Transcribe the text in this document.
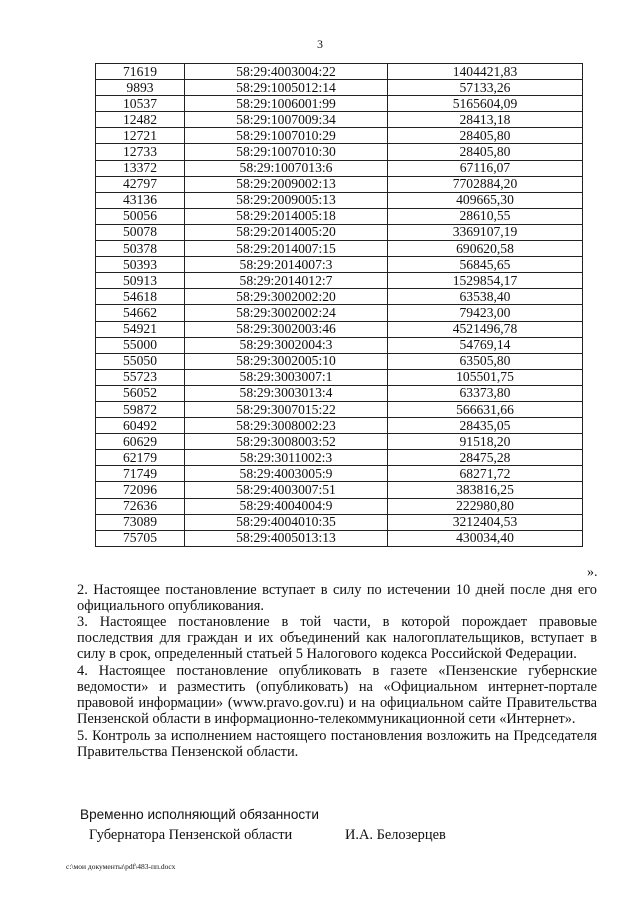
3
71619	58:29:4003004:22	1404421,83
9893	58:29:1005012:14	57133,26
10537	58:29:1006001:99	5165604,09
12482	58:29:1007009:34	28413,18
12721	58:29:1007010:29	28405,80
12733	58:29:1007010:30	28405,80
13372	58:29:1007013:6	67116,07
42797	58:29:2009002:13	7702884,20
43136	58:29:2009005:13	409665,30
50056	58:29:2014005:18	28610,55
50078	58:29:2014005:20	3369107,19
50378	58:29:2014007:15	690620,58
50393	58:29:2014007:3	56845,65
50913	58:29:2014012:7	1529854,17
54618	58:29:3002002:20	63538,40
54662	58:29:3002002:24	79423,00
54921	58:29:3002003:46	4521496,78
55000	58:29:3002004:3	54769,14
55050	58:29:3002005:10	63505,80
55723	58:29:3003007:1	105501,75
56052	58:29:3003013:4	63373,80
59872	58:29:3007015:22	566631,66
60492	58:29:3008002:23	28435,05
60629	58:29:3008003:52	91518,20
62179	58:29:3011002:3	28475,28
71749	58:29:4003005:9	68271,72
72096	58:29:4003007:51	383816,25
72636	58:29:4004004:9	222980,80
73089	58:29:4004010:35	3212404,53
75705	58:29:4005013:13	430034,40
».
2. Настоящее постановление вступает в силу по истечении 10 дней после дня его официального опубликования.
3. Настоящее постановление в той части, в которой порождает правовые последствия для граждан и их объединений как налогоплательщиков, вступает в силу в срок, определенный статьей 5 Налогового кодекса Российской Федерации.
4. Настоящее постановление опубликовать в газете «Пензенские губернские ведомости» и разместить (опубликовать) на «Официальном интернет-портале правовой информации» (www.pravo.gov.ru) и на официальном сайте Правительства Пензенской области в информационно-телекоммуникационной сети «Интернет».
5. Контроль за исполнением настоящего постановления возложить на Председателя Правительства Пензенской области.
Временно исполняющий обязанности
Губернатора Пензенской области	И.А. Белозерцев
c:\мои документы\pdf\483-пп.docx
